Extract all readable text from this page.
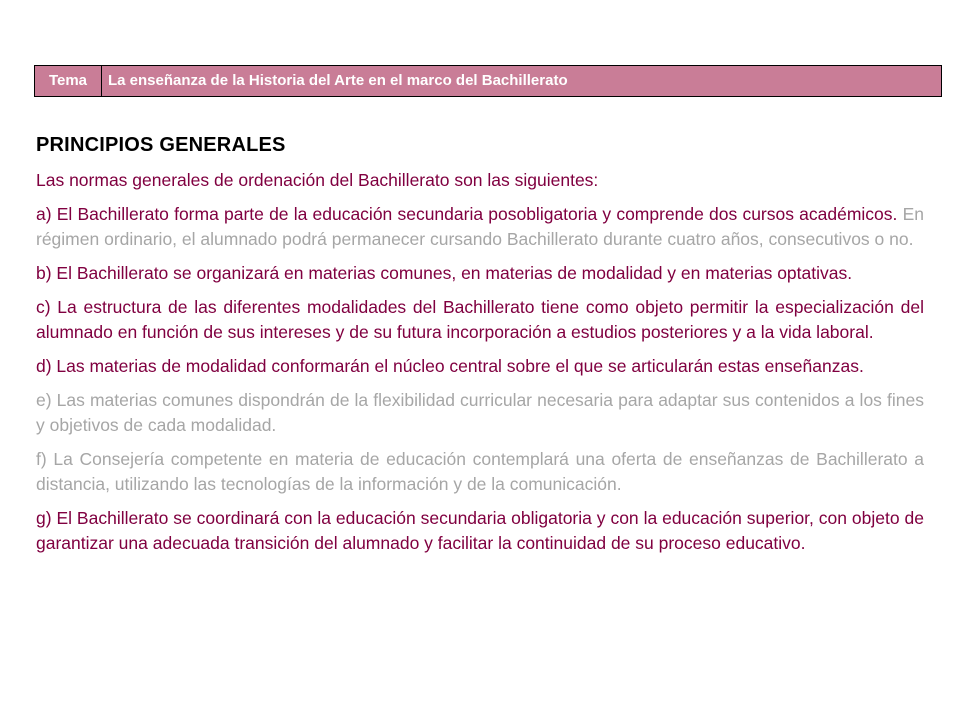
Tema	La enseñanza de la Historia del Arte en el marco del Bachillerato
PRINCIPIOS GENERALES

Las normas generales de ordenación del Bachillerato son las siguientes:

a) El Bachillerato forma parte de la educación secundaria posobligatoria y comprende dos cursos académicos. En régimen ordinario, el alumnado podrá permanecer cursando Bachillerato durante cuatro años, consecutivos o no.

b) El Bachillerato se organizará en materias comunes, en materias de modalidad y en materias optativas.

c) La estructura de las diferentes modalidades del Bachillerato tiene como objeto permitir la especialización del alumnado en función de sus intereses y de su futura incorporación a estudios posteriores y a la vida laboral.

d) Las materias de modalidad conformarán el núcleo central sobre el que se articularán estas enseñanzas.

e) Las materias comunes dispondrán de la flexibilidad curricular necesaria para adaptar sus contenidos a los fines y objetivos de cada modalidad.

f) La Consejería competente en materia de educación contemplará una oferta de enseñanzas de Bachillerato a distancia, utilizando las tecnologías de la información y de la comunicación.

g) El Bachillerato se coordinará con la educación secundaria obligatoria y con la educación superior, con objeto de garantizar una adecuada transición del alumnado y facilitar la continuidad de su proceso educativo.
